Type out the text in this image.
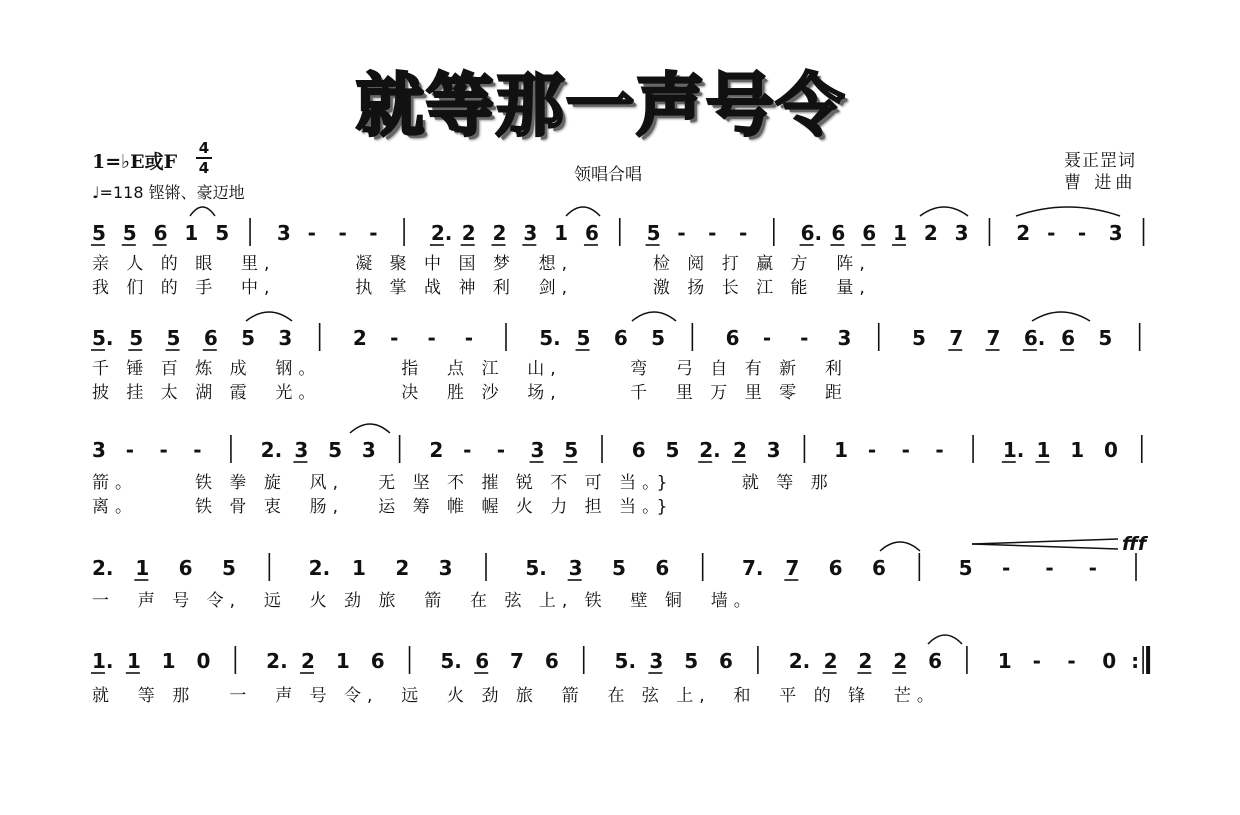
就等那一声号令
1=♭E或F
4
4
♩=118 铿锵、豪迈地
领唱合唱
聂正罡词
曹 进曲
5 5 6 1 5 3 - - -	2. 2 2 3 1 6 5 - - -	6. 6 6 1 2 3 2 - - 3
亲 人 的 眼  里,       凝 聚 中 国 梦  想,       检 阅 打 赢 方  阵,
我 们 的 手  中,       执 掌 战 神 利  剑,       激 扬 长 江 能  量,
5. 5 5 6 5 3	2 - - -	5. 5 6 5	6 - - 3	5 7 7 6. 6 5
千 锤 百 炼 成  钢。       指  点 江  山,      弯  弓 自 有 新  利
披 挂 太 湖 霞  光。       决  胜 沙  场,      千  里 万 里 零  距
3 - - -	2. 3 5 3	2 - - 3 5	6 5 2. 2 3	1 - - -	1. 1 1 0
箭。     铁 拳 旋  风,   无 坚 不 摧 锐 不 可 当。}      就 等 那
离。     铁 骨 衷  肠,   运 筹 帷 幄 火 力 担 当。}
2. 1 6 5	2. 1 2 3	5. 3 5 6	7. 7 6 6	5 - - -
一  声 号 令,  远  火 劲 旅  箭  在 弦 上, 铁  壁 铜  墙。
fff
1. 1 1 0	2. 2 1 6	5. 6 7 6	5. 3 5 6	2. 2 2 2 6	1 - - 0 :
就  等 那   一  声 号 令,  远  火 劲 旅  箭  在 弦 上,  和  平 的 锋  芒。
